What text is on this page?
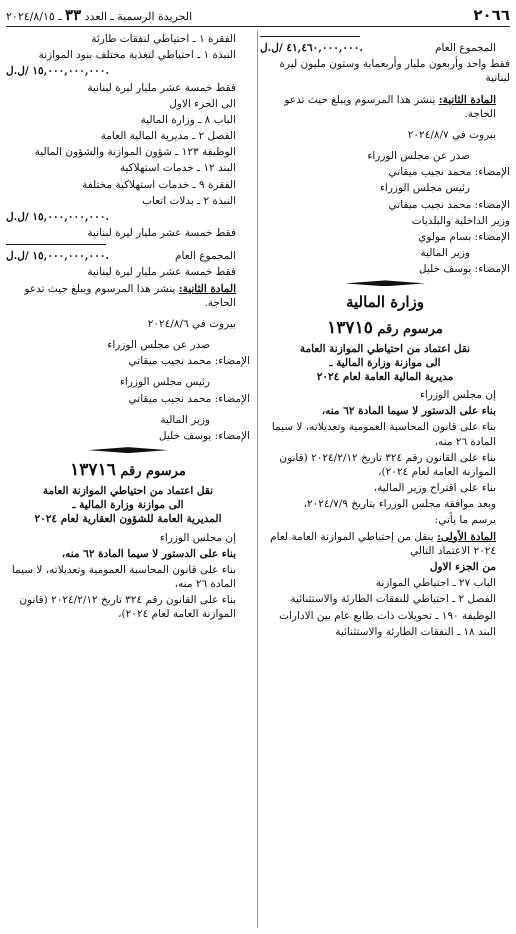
٢٠٦٦
الجريدة الرسمية ـ العدد ٣٣ ـ ٢٠٢٤/٨/١٥
المجموع العام
٤١,٤٦٠,٠٠٠,٠٠٠ /ل.ل.

فقط واحد وأربعون مليار وأربعماية وستون مليون ليرة لبنانية

المادة الثانية: ينشر هذا المرسوم ويبلغ حيث تدعو الحاجة.

بيروت في ٢٠٢٤/٨/٧

صدر عن مجلس الوزراء

الإمضاء: محمد نجيب ميقاتي

رئيس مجلس الوزراء

الإمضاء: محمد نجيب ميقاتي

وزير الداخلية والبلديات

الإمضاء: بسام مولوي

وزير المالية

الإمضاء: يوسف خليل

وزارة المالية
مرسوم رقم ١٣٧١٥
نقل اعتماد من احتياطي الموازنة العامة
الى موازنة وزارة المالية ـ
مديرية المالية العامة لعام ٢٠٢٤

إن مجلس الوزراء

بناء على الدستور لا سيما المادة ٦٢ منه،

بناء على قانون المحاسبة العمومية وتعديلاته، لا سيما المادة ٢٦ منه،

بناء على القانون رقم ٣٢٤ تاريخ ٢٠٢٤/٢/١٢ (قانون الموازنة العامة لعام ٢٠٢٤)،

بناء على اقتراح وزير المالية،

وبعد موافقة مجلس الوزراء بتاريخ ٢٠٢٤/٧/٩،

يرسم ما يأتي:

المادة الأولى: ينقل من إحتياطي الموازنة العامة لعام ٢٠٢٤ الاعتماد التالي

من الجزء الاول

الباب ٢٧ ـ احتياطي الموازنة

الفصل ٢ ـ احتياطي للنفقات الطارئة والاستثنائية

الوظيفة ١٩٠ ـ تحويلات ذات طابع عام بين الادارات

البند ١٨ ـ النفقات الطارئة والاستثنائية

الفقرة ١ ـ احتياطي لنفقات طارئة

النبذة ١ ـ احتياطي لتغذية مختلف بنود الموازنة

١٥,٠٠٠,٠٠٠,٠٠٠ /ل.ل.

فقط خمسة عشر مليار ليرة لبنانية

الى الجزء الاول

الباب ٨ ـ وزارة المالية

الفصل ٢ ـ مديرية المالية العامة

الوظيفة ١٢٣ ـ شؤون الموازنة والشؤون المالية

البند ١٢ ـ خدمات استهلاكية

الفقرة ٩ ـ خدمات استهلاكية مختلفة

النبذة ٢ ـ بدلات اتعاب

١٥,٠٠٠,٠٠٠,٠٠٠ /ل.ل.

فقط خمسة عشر مليار ليرة لبنانية

المجموع العام
١٥,٠٠٠,٠٠٠,٠٠٠ /ل.ل.

فقط خمسة عشر مليار ليرة لبنانية

المادة الثانية: ينشر هذا المرسوم ويبلغ حيث تدعو الحاجة.

بيروت في ٢٠٢٤/٨/٦

صدر عن مجلس الوزراء

الإمضاء: محمد نجيب ميقاتي

رئيس مجلس الوزراء

الإمضاء: محمد نجيب ميقاتي

وزير المالية

الإمضاء: يوسف خليل

مرسوم رقم ١٣٧١٦
نقل اعتماد من احتياطي الموازنة العامة
الى موازنة وزارة المالية ـ
المديرية العامة للشؤون العقارية لعام ٢٠٢٤

إن مجلس الوزراء

بناء على الدستور لا سيما المادة ٦٢ منه،

بناء على قانون المحاسبة العمومية وتعديلاته، لا سيما المادة ٢٦ منه،

بناء على القانون رقم ٣٢٤ تاريخ ٢٠٢٤/٢/١٢ (قانون الموازنة العامة لعام ٢٠٢٤)،
